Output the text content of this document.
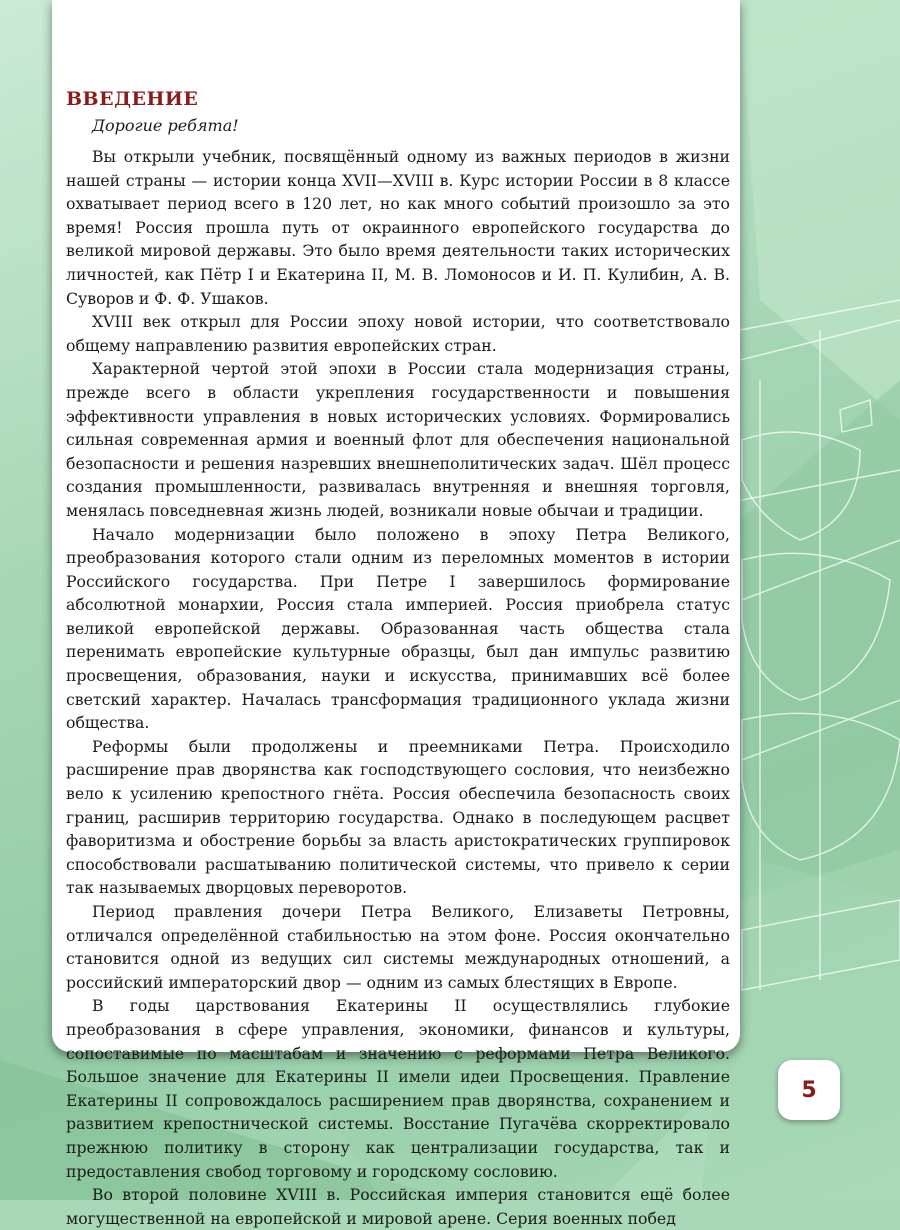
ВВЕДЕНИЕ
Дорогие ребята!

Вы открыли учебник, посвящённый одному из важных периодов в жизни нашей страны — истории конца XVII—XVIII в. Курс истории России в 8 классе охватывает период всего в 120 лет, но как много событий произошло за это время! Россия прошла путь от окраинного европейского государства до великой мировой державы. Это было время деятельности таких исторических личностей, как Пётр I и Екатерина II, М. В. Ломоносов и И. П. Кулибин, А. В. Суворов и Ф. Ф. Ушаков.

XVIII век открыл для России эпоху новой истории, что соответствовало общему направлению развития европейских стран.

Характерной чертой этой эпохи в России стала модернизация страны, прежде всего в области укрепления государственности и повышения эффективности управления в новых исторических условиях. Формировались сильная современная армия и военный флот для обеспечения национальной безопасности и решения назревших внешнеполитических задач. Шёл процесс создания промышленности, развивалась внутренняя и внешняя торговля, менялась повседневная жизнь людей, возникали новые обычаи и традиции.

Начало модернизации было положено в эпоху Петра Великого, преобразования которого стали одним из переломных моментов в истории Российского государства. При Петре I завершилось формирование абсолютной монархии, Россия стала империей. Россия приобрела статус великой европейской державы. Образованная часть общества стала перенимать европейские культурные образцы, был дан импульс развитию просвещения, образования, науки и искусства, принимавших всё более светский характер. Началась трансформация традиционного уклада жизни общества.

Реформы были продолжены и преемниками Петра. Происходило расширение прав дворянства как господствующего сословия, что неизбежно вело к усилению крепостного гнёта. Россия обеспечила безопасность своих границ, расширив территорию государства. Однако в последующем расцвет фаворитизма и обострение борьбы за власть аристократических группировок способствовали расшатыванию политической системы, что привело к серии так называемых дворцовых переворотов.

Период правления дочери Петра Великого, Елизаветы Петровны, отличался определённой стабильностью на этом фоне. Россия окончательно становится одной из ведущих сил системы международных отношений, а российский императорский двор — одним из самых блестящих в Европе.

В годы царствования Екатерины II осуществлялись глубокие преобразования в сфере управления, экономики, финансов и культуры, сопоставимые по масштабам и значению с реформами Петра Великого. Большое значение для Екатерины II имели идеи Просвещения. Правление Екатерины II сопровождалось расширением прав дворянства, сохранением и развитием крепостнической системы. Восстание Пугачёва скорректировало прежнюю политику в сторону как централизации государства, так и предоставления свобод торговому и городскому сословию.

Во второй половине XVIII в. Российская империя становится ещё более могущественной на европейской и мировой арене. Серия военных побед

5
